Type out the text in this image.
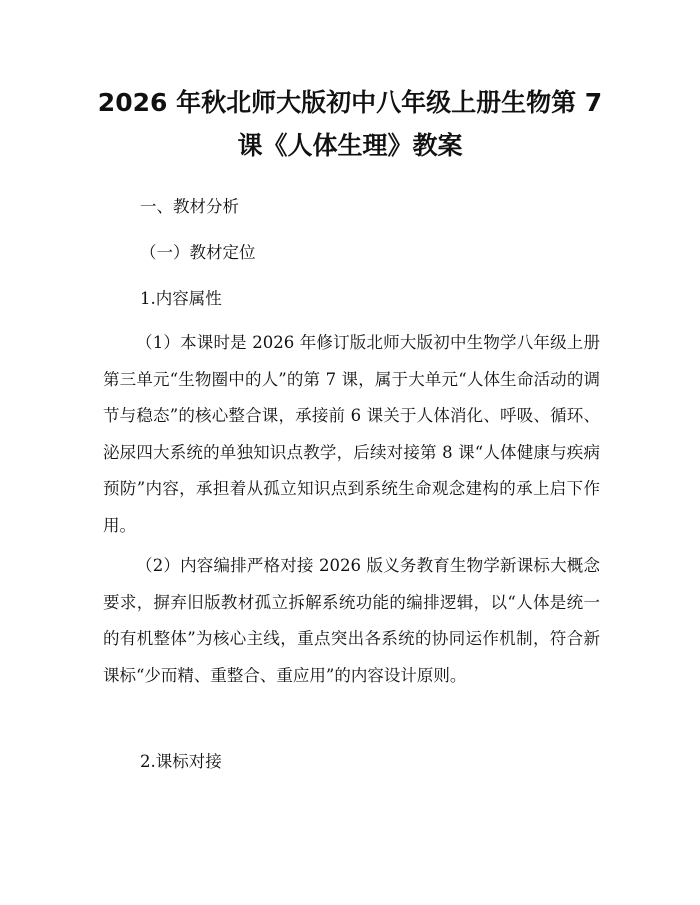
2026 年秋北师大版初中八年级上册生物第 7
课《人体生理》教案
一、教材分析
（一）教材定位
1.内容属性

（1）本课时是 2026 年修订版北师大版初中生物学八年级上册第三单元“生物圈中的人”的第 7 课，属于大单元“人体生命活动的调节与稳态”的核心整合课，承接前 6 课关于人体消化、呼吸、循环、泌尿四大系统的单独知识点教学，后续对接第 8 课“人体健康与疾病预防”内容，承担着从孤立知识点到系统生命观念建构的承上启下作用。

（2）内容编排严格对接 2026 版义务教育生物学新课标大概念要求，摒弃旧版教材孤立拆解系统功能的编排逻辑，以“人体是统一的有机整体”为核心主线，重点突出各系统的协同运作机制，符合新课标“少而精、重整合、重应用”的内容设计原则。

2.课标对接
